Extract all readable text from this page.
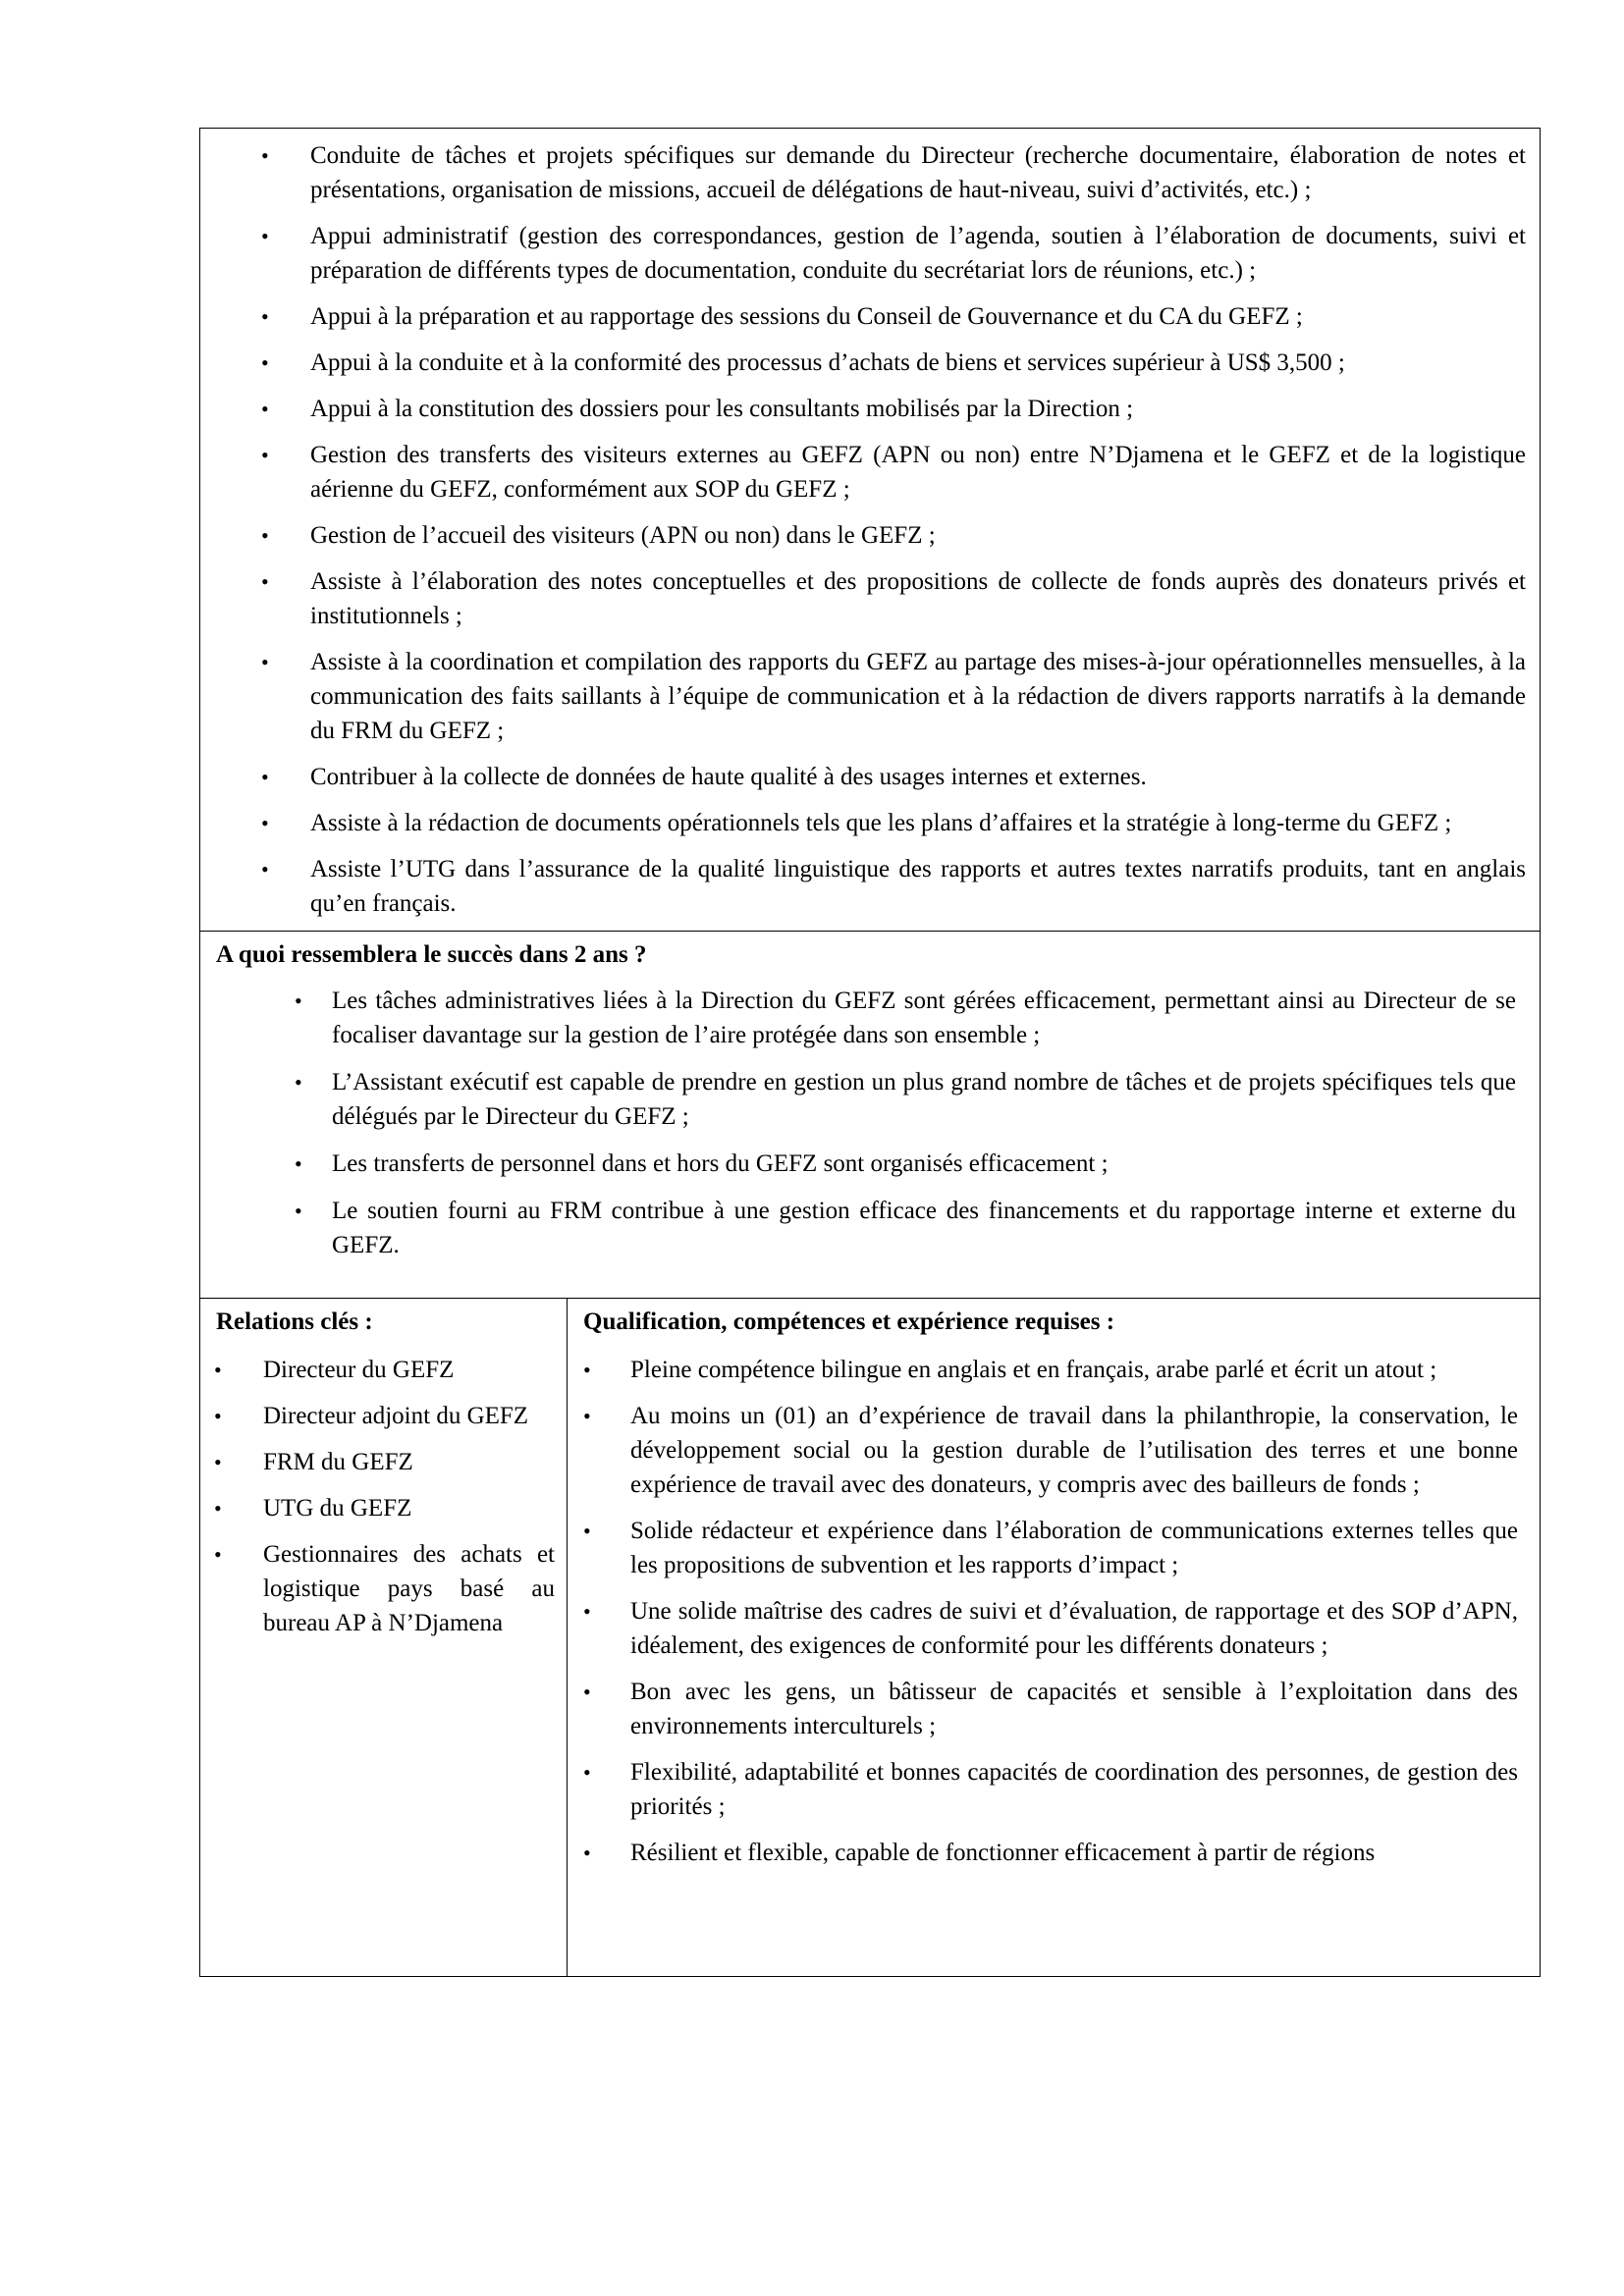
• Conduite de tâches et projets spécifiques sur demande du Directeur (recherche documentaire, élaboration de notes et présentations, organisation de missions, accueil de délégations de haut-niveau, suivi d’activités, etc.) ;
• Appui administratif (gestion des correspondances, gestion de l’agenda, soutien à l’élaboration de documents, suivi et préparation de différents types de documentation, conduite du secrétariat lors de réunions, etc.) ;
• Appui à la préparation et au rapportage des sessions du Conseil de Gouvernance et du CA du GEFZ ;
• Appui à la conduite et à la conformité des processus d’achats de biens et services supérieur à US$ 3,500 ;
• Appui à la constitution des dossiers pour les consultants mobilisés par la Direction ;
• Gestion des transferts des visiteurs externes au GEFZ (APN ou non) entre N’Djamena et le GEFZ et de la logistique aérienne du GEFZ, conformément aux SOP du GEFZ ;
• Gestion de l’accueil des visiteurs (APN ou non) dans le GEFZ ;
• Assiste à l’élaboration des notes conceptuelles et des propositions de collecte de fonds auprès des donateurs privés et institutionnels ;
• Assiste à la coordination et compilation des rapports du GEFZ au partage des mises-à-jour opérationnelles mensuelles, à la communication des faits saillants à l’équipe de communication et à la rédaction de divers rapports narratifs à la demande du FRM du GEFZ ;
• Contribuer à la collecte de données de haute qualité à des usages internes et externes.
• Assiste à la rédaction de documents opérationnels tels que les plans d’affaires et la stratégie à long-terme du GEFZ ;
• Assiste l’UTG dans l’assurance de la qualité linguistique des rapports et autres textes narratifs produits, tant en anglais qu’en français.
A quoi ressemblera le succès dans 2 ans ?
• Les tâches administratives liées à la Direction du GEFZ sont gérées efficacement, permettant ainsi au Directeur de se focaliser davantage sur la gestion de l’aire protégée dans son ensemble ;
• L’Assistant exécutif est capable de prendre en gestion un plus grand nombre de tâches et de projets spécifiques tels que délégués par le Directeur du GEFZ ;
• Les transferts de personnel dans et hors du GEFZ sont organisés efficacement ;
• Le soutien fourni au FRM contribue à une gestion efficace des financements et du rapportage interne et externe du GEFZ.
Relations clés :
• Directeur du GEFZ
• Directeur adjoint du GEFZ
• FRM du GEFZ
• UTG du GEFZ
• Gestionnaires des achats et logistique pays basé au bureau AP à N’Djamena
Qualification, compétences et expérience requises :
• Pleine compétence bilingue en anglais et en français, arabe parlé et écrit un atout ;
• Au moins un (01) an d’expérience de travail dans la philanthropie, la conservation, le développement social ou la gestion durable de l’utilisation des terres et une bonne expérience de travail avec des donateurs, y compris avec des bailleurs de fonds ;
• Solide rédacteur et expérience dans l’élaboration de communications externes telles que les propositions de subvention et les rapports d’impact ;
• Une solide maîtrise des cadres de suivi et d’évaluation, de rapportage et des SOP d’APN, idéalement, des exigences de conformité pour les différents donateurs ;
• Bon avec les gens, un bâtisseur de capacités et sensible à l’exploitation dans des environnements interculturels ;
• Flexibilité, adaptabilité et bonnes capacités de coordination des personnes, de gestion des priorités ;
• Résilient et flexible, capable de fonctionner efficacement à partir de régions
